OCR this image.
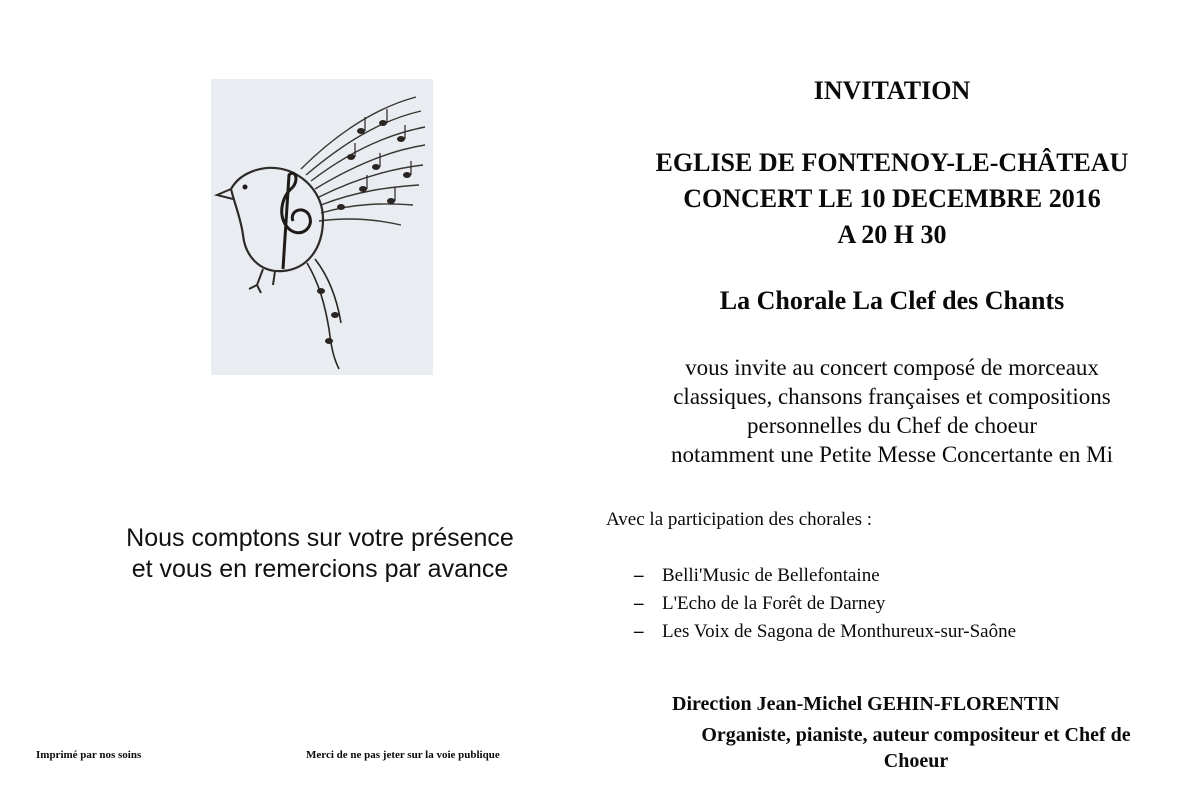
Nous comptons sur votre présence
et vous en remercions par avance
Imprimé par nos soins	Merci de ne pas jeter sur la voie publique
INVITATION
EGLISE DE FONTENOY-LE-CHÂTEAU
CONCERT LE 10 DECEMBRE 2016
A 20 H 30
La Chorale La Clef des Chants
vous invite au concert composé de morceaux
classiques, chansons françaises et compositions
personnelles du Chef de choeur
notamment une Petite Messe Concertante en Mi
Avec la participation des chorales :
– Belli'Music de Bellefontaine
– L'Echo de la Forêt de Darney
– Les Voix de Sagona de Monthureux-sur-Saône
Direction Jean-Michel GEHIN-FLORENTIN
Organiste, pianiste, auteur compositeur et Chef de
Choeur
